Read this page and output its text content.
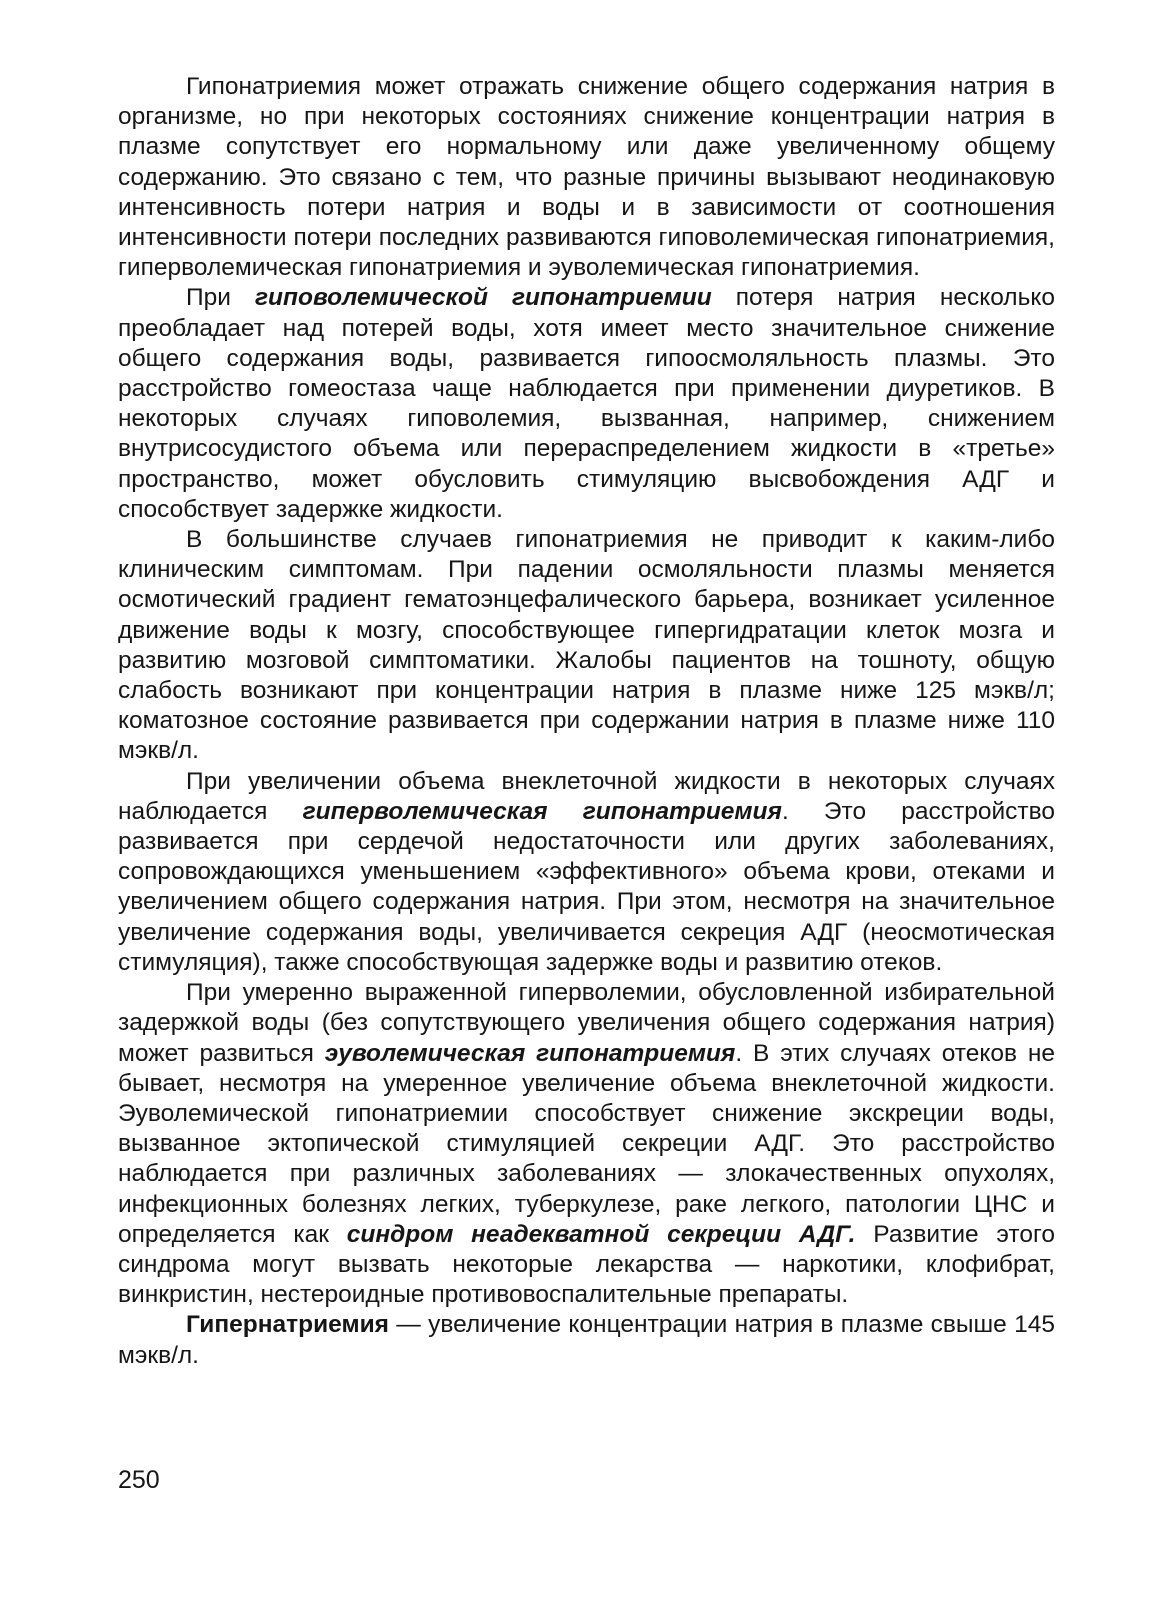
Гипонатриемия может отражать снижение общего содержания натрия в организме, но при некоторых состояниях снижение концентрации натрия в плазме сопутствует его нормальному или даже увеличенному общему содержанию. Это связано с тем, что разные причины вызывают неодинаковую интенсивность потери натрия и воды и в зависимости от соотношения интенсивности потери последних развиваются гиповолемическая гипонатриемия, гиперволемическая гипонатриемия и эуволемическая гипонатриемия.

При гиповолемической гипонатриемии потеря натрия несколько преобладает над потерей воды, хотя имеет место значительное снижение общего содержания воды, развивается гипоосмоляльность плазмы. Это расстройство гомеостаза чаще наблюдается при применении диуретиков. В некоторых случаях гиповолемия, вызванная, например, снижением внутрисосудистого объема или перераспределением жидкости в «третье» пространство, может обусловить стимуляцию высвобождения АДГ и способствует задержке жидкости.

В большинстве случаев гипонатриемия не приводит к каким-либо клиническим симптомам. При падении осмоляльности плазмы меняется осмотический градиент гематоэнцефалического барьера, возникает усиленное движение воды к мозгу, способствующее гипергидратации клеток мозга и развитию мозговой симптоматики. Жалобы пациентов на тошноту, общую слабость возникают при концентрации натрия в плазме ниже 125 мэкв/л; коматозное состояние развивается при содержании натрия в плазме ниже 110 мэкв/л.

При увеличении объема внеклеточной жидкости в некоторых случаях наблюдается гиперволемическая гипонатриемия. Это расстройство развивается при сердечой недостаточности или других заболеваниях, сопровождающихся уменьшением «эффективного» объема крови, отеками и увеличением общего содержания натрия. При этом, несмотря на значительное увеличение содержания воды, увеличивается секреция АДГ (неосмотическая стимуляция), также способствующая задержке воды и развитию отеков.

При умеренно выраженной гиперволемии, обусловленной избирательной задержкой воды (без сопутствующего увеличения общего содержания натрия) может развиться эуволемическая гипонатриемия. В этих случаях отеков не бывает, несмотря на умеренное увеличение объема внеклеточной жидкости. Эуволемической гипонатриемии способствует снижение экскреции воды, вызванное эктопической стимуляцией секреции АДГ. Это расстройство наблюдается при различных заболеваниях — злокачественных опухолях, инфекционных болезнях легких, туберкулезе, раке легкого, патологии ЦНС и определяется как синдром неадекватной секреции АДГ. Развитие этого синдрома могут вызвать некоторые лекарства — наркотики, клофибрат, винкристин, нестероидные противовоспалительные препараты.

Гипернатриемия — увеличение концентрации натрия в плазме свыше 145 мэкв/л.

250
